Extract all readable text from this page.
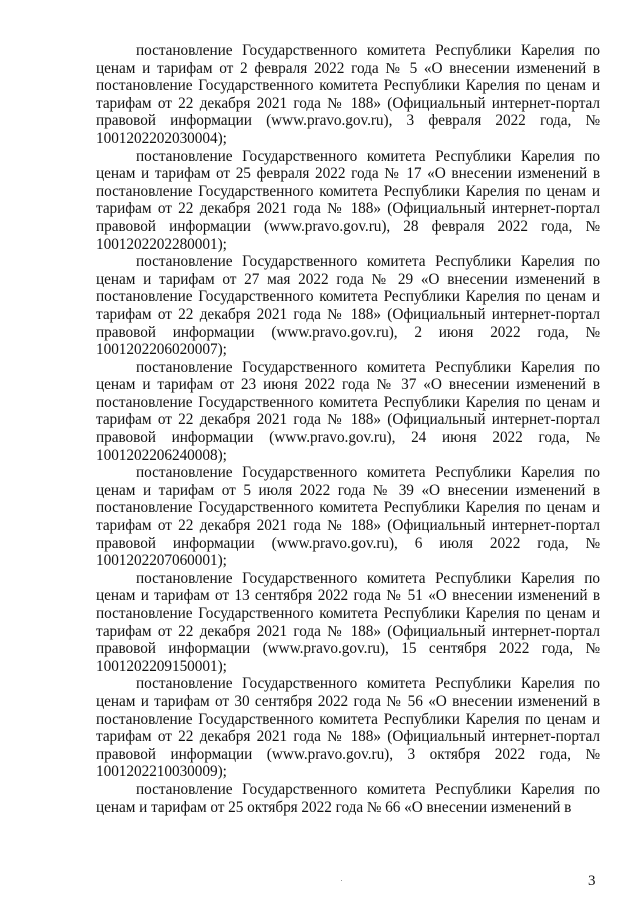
постановление Государственного комитета Республики Карелия по ценам и тарифам от 2 февраля 2022 года № 5 «О внесении изменений в постановление Государственного комитета Республики Карелия по ценам и тарифам от 22 декабря 2021 года № 188» (Официальный интернет-портал правовой информации (www.pravo.gov.ru), 3 февраля 2022 года, № 1001202202030004);

постановление Государственного комитета Республики Карелия по ценам и тарифам от 25 февраля 2022 года № 17 «О внесении изменений в постановление Государственного комитета Республики Карелия по ценам и тарифам от 22 декабря 2021 года № 188» (Официальный интернет-портал правовой информации (www.pravo.gov.ru), 28 февраля 2022 года, № 1001202202280001);

постановление Государственного комитета Республики Карелия по ценам и тарифам от 27 мая 2022 года № 29 «О внесении изменений в постановление Государственного комитета Республики Карелия по ценам и тарифам от 22 декабря 2021 года № 188» (Официальный интернет-портал правовой информации (www.pravo.gov.ru), 2 июня 2022 года, № 1001202206020007);

постановление Государственного комитета Республики Карелия по ценам и тарифам от 23 июня 2022 года № 37 «О внесении изменений в постановление Государственного комитета Республики Карелия по ценам и тарифам от 22 декабря 2021 года № 188» (Официальный интернет-портал правовой информации (www.pravo.gov.ru), 24 июня 2022 года, № 1001202206240008);

постановление Государственного комитета Республики Карелия по ценам и тарифам от 5 июля 2022 года № 39 «О внесении изменений в постановление Государственного комитета Республики Карелия по ценам и тарифам от 22 декабря 2021 года № 188» (Официальный интернет-портал правовой информации (www.pravo.gov.ru), 6 июля 2022 года, № 1001202207060001);

постановление Государственного комитета Республики Карелия по ценам и тарифам от 13 сентября 2022 года № 51 «О внесении изменений в постановление Государственного комитета Республики Карелия по ценам и тарифам от 22 декабря 2021 года № 188» (Официальный интернет-портал правовой информации (www.pravo.gov.ru), 15 сентября 2022 года, № 1001202209150001);

постановление Государственного комитета Республики Карелия по ценам и тарифам от 30 сентября 2022 года № 56 «О внесении изменений в постановление Государственного комитета Республики Карелия по ценам и тарифам от 22 декабря 2021 года № 188» (Официальный интернет-портал правовой информации (www.pravo.gov.ru), 3 октября 2022 года, № 1001202210030009);

постановление Государственного комитета Республики Карелия по ценам и тарифам от 25 октября 2022 года № 66 «О внесении изменений в

3
